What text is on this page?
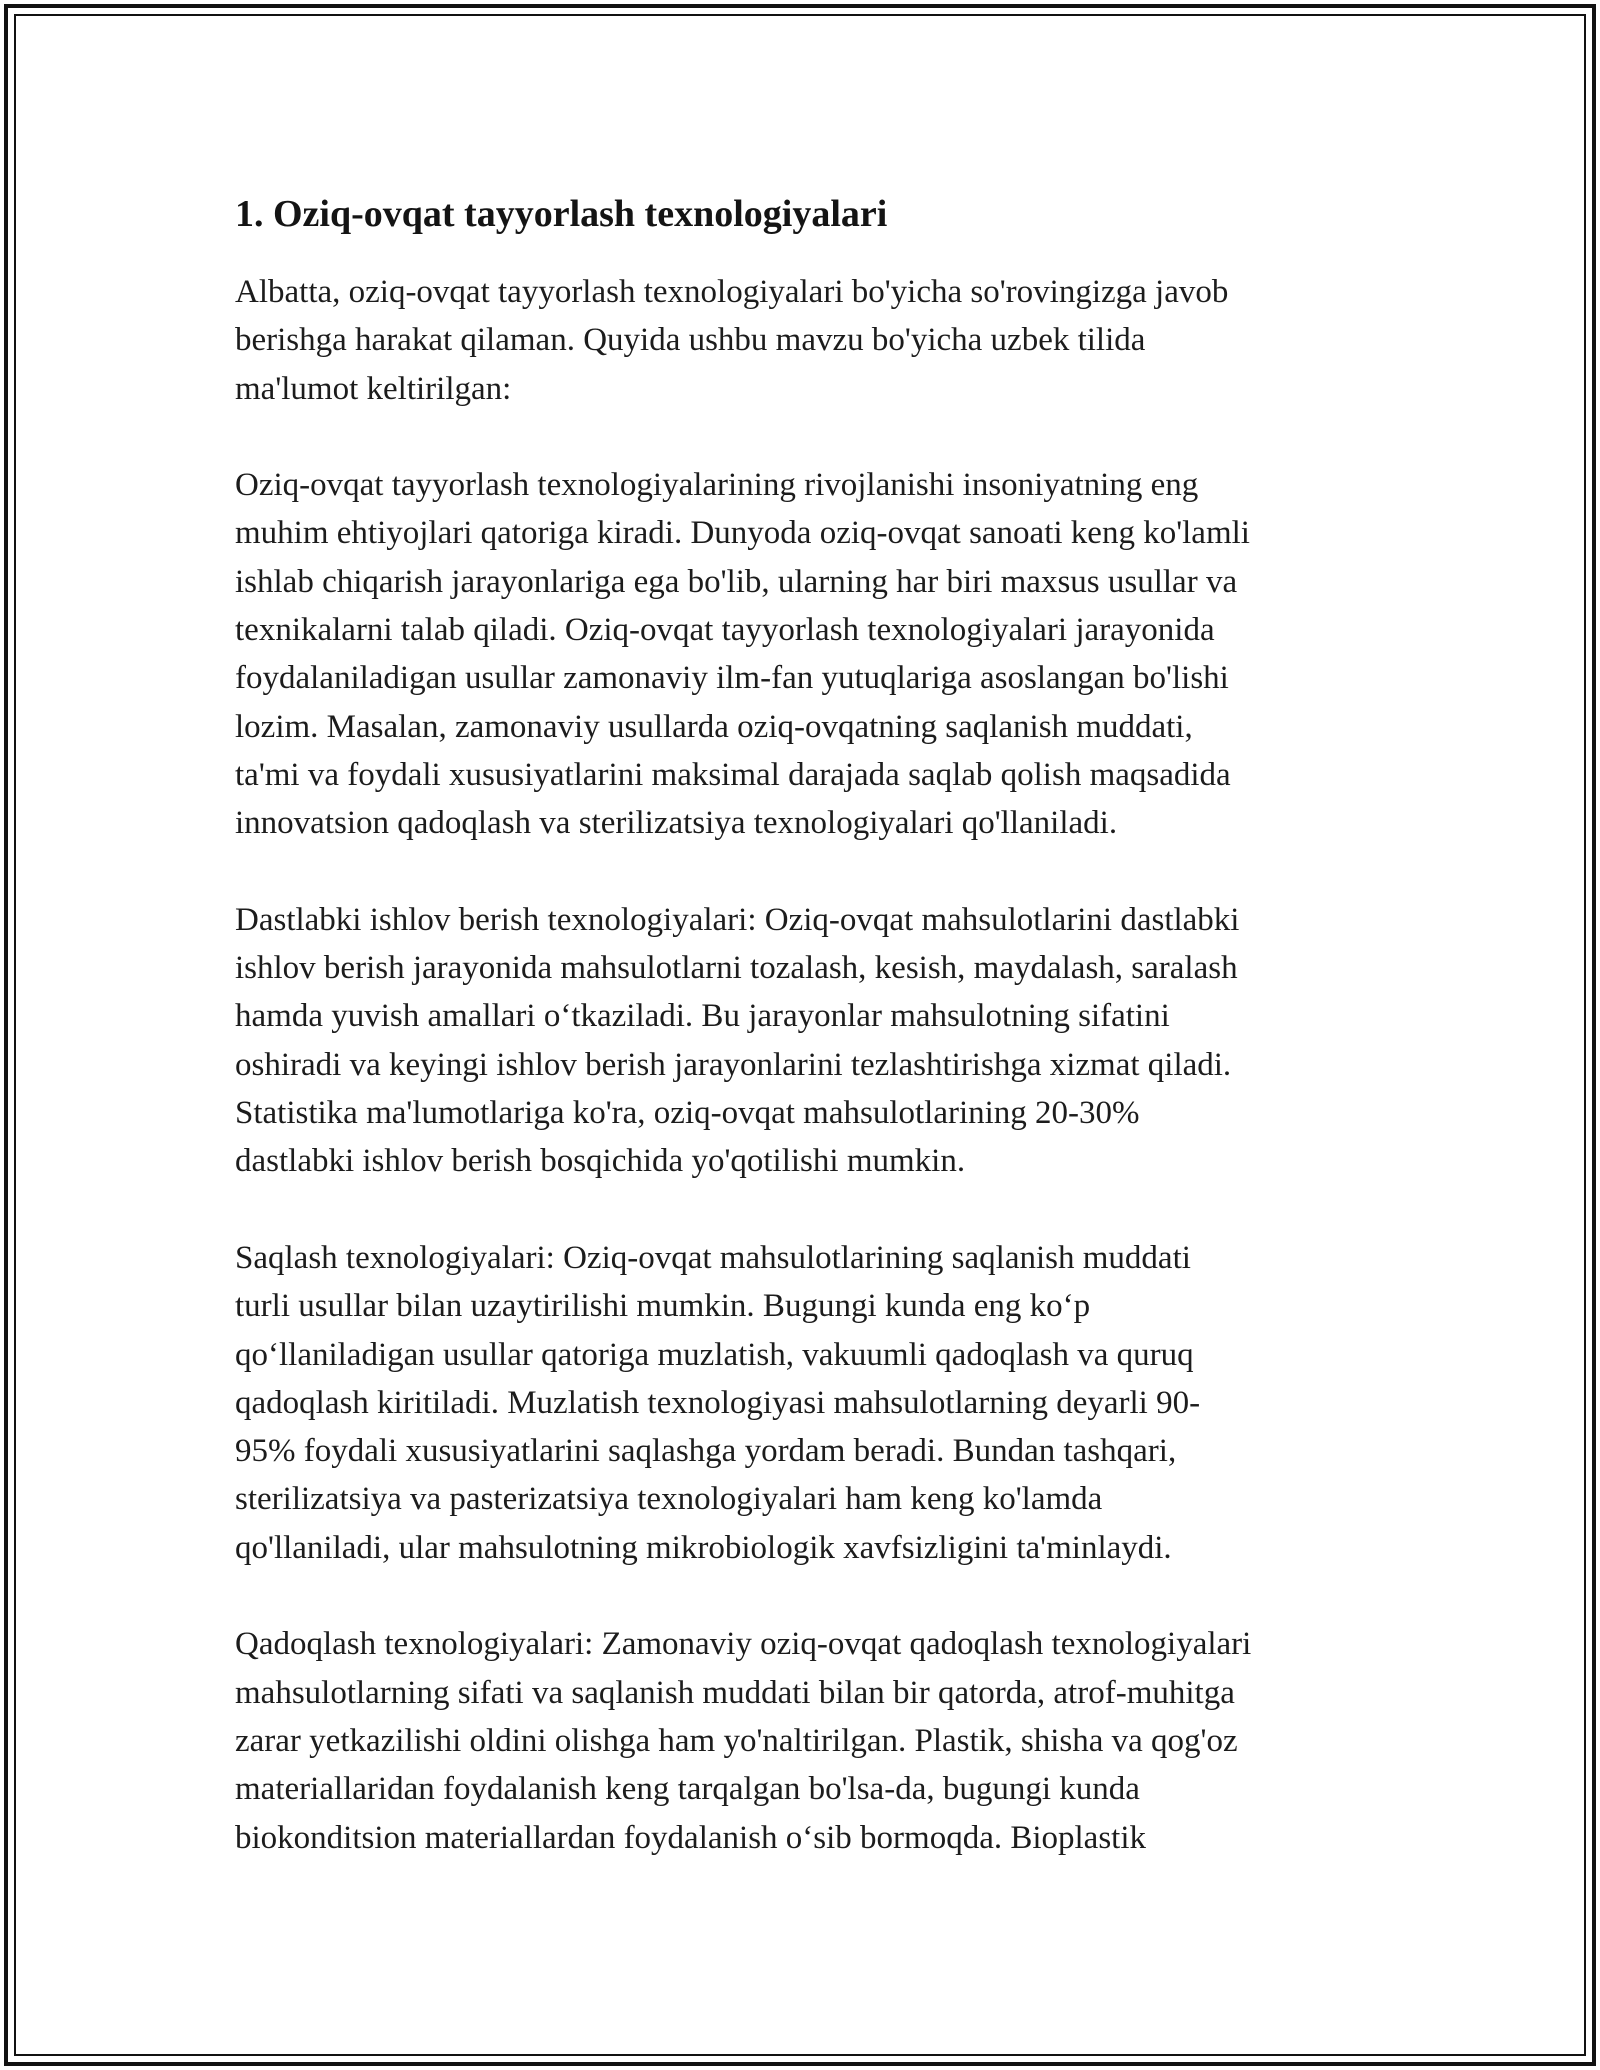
1. Oziq-ovqat tayyorlash texnologiyalari

Albatta, oziq-ovqat tayyorlash texnologiyalari bo'yicha so'rovingizga javob
berishga harakat qilaman. Quyida ushbu mavzu bo'yicha uzbek tilida
ma'lumot keltirilgan:

Oziq-ovqat tayyorlash texnologiyalarining rivojlanishi insoniyatning eng
muhim ehtiyojlari qatoriga kiradi. Dunyoda oziq-ovqat sanoati keng ko'lamli
ishlab chiqarish jarayonlariga ega bo'lib, ularning har biri maxsus usullar va
texnikalarni talab qiladi. Oziq-ovqat tayyorlash texnologiyalari jarayonida
foydalaniladigan usullar zamonaviy ilm-fan yutuqlariga asoslangan bo'lishi
lozim. Masalan, zamonaviy usullarda oziq-ovqatning saqlanish muddati,
ta'mi va foydali xususiyatlarini maksimal darajada saqlab qolish maqsadida
innovatsion qadoqlash va sterilizatsiya texnologiyalari qo'llaniladi.

Dastlabki ishlov berish texnologiyalari: Oziq-ovqat mahsulotlarini dastlabki
ishlov berish jarayonida mahsulotlarni tozalash, kesish, maydalash, saralash
hamda yuvish amallari o‘tkaziladi. Bu jarayonlar mahsulotning sifatini
oshiradi va keyingi ishlov berish jarayonlarini tezlashtirishga xizmat qiladi.
Statistika ma'lumotlariga ko'ra, oziq-ovqat mahsulotlarining 20-30%
dastlabki ishlov berish bosqichida yo'qotilishi mumkin.

Saqlash texnologiyalari: Oziq-ovqat mahsulotlarining saqlanish muddati
turli usullar bilan uzaytirilishi mumkin. Bugungi kunda eng ko‘p
qo‘llaniladigan usullar qatoriga muzlatish, vakuumli qadoqlash va quruq
qadoqlash kiritiladi. Muzlatish texnologiyasi mahsulotlarning deyarli 90-
95% foydali xususiyatlarini saqlashga yordam beradi. Bundan tashqari,
sterilizatsiya va pasterizatsiya texnologiyalari ham keng ko'lamda
qo'llaniladi, ular mahsulotning mikrobiologik xavfsizligini ta'minlaydi.

Qadoqlash texnologiyalari: Zamonaviy oziq-ovqat qadoqlash texnologiyalari
mahsulotlarning sifati va saqlanish muddati bilan bir qatorda, atrof-muhitga
zarar yetkazilishi oldini olishga ham yo'naltirilgan. Plastik, shisha va qog'oz
materiallaridan foydalanish keng tarqalgan bo'lsa-da, bugungi kunda
biokonditsion materiallardan foydalanish o‘sib bormoqda. Bioplastik
